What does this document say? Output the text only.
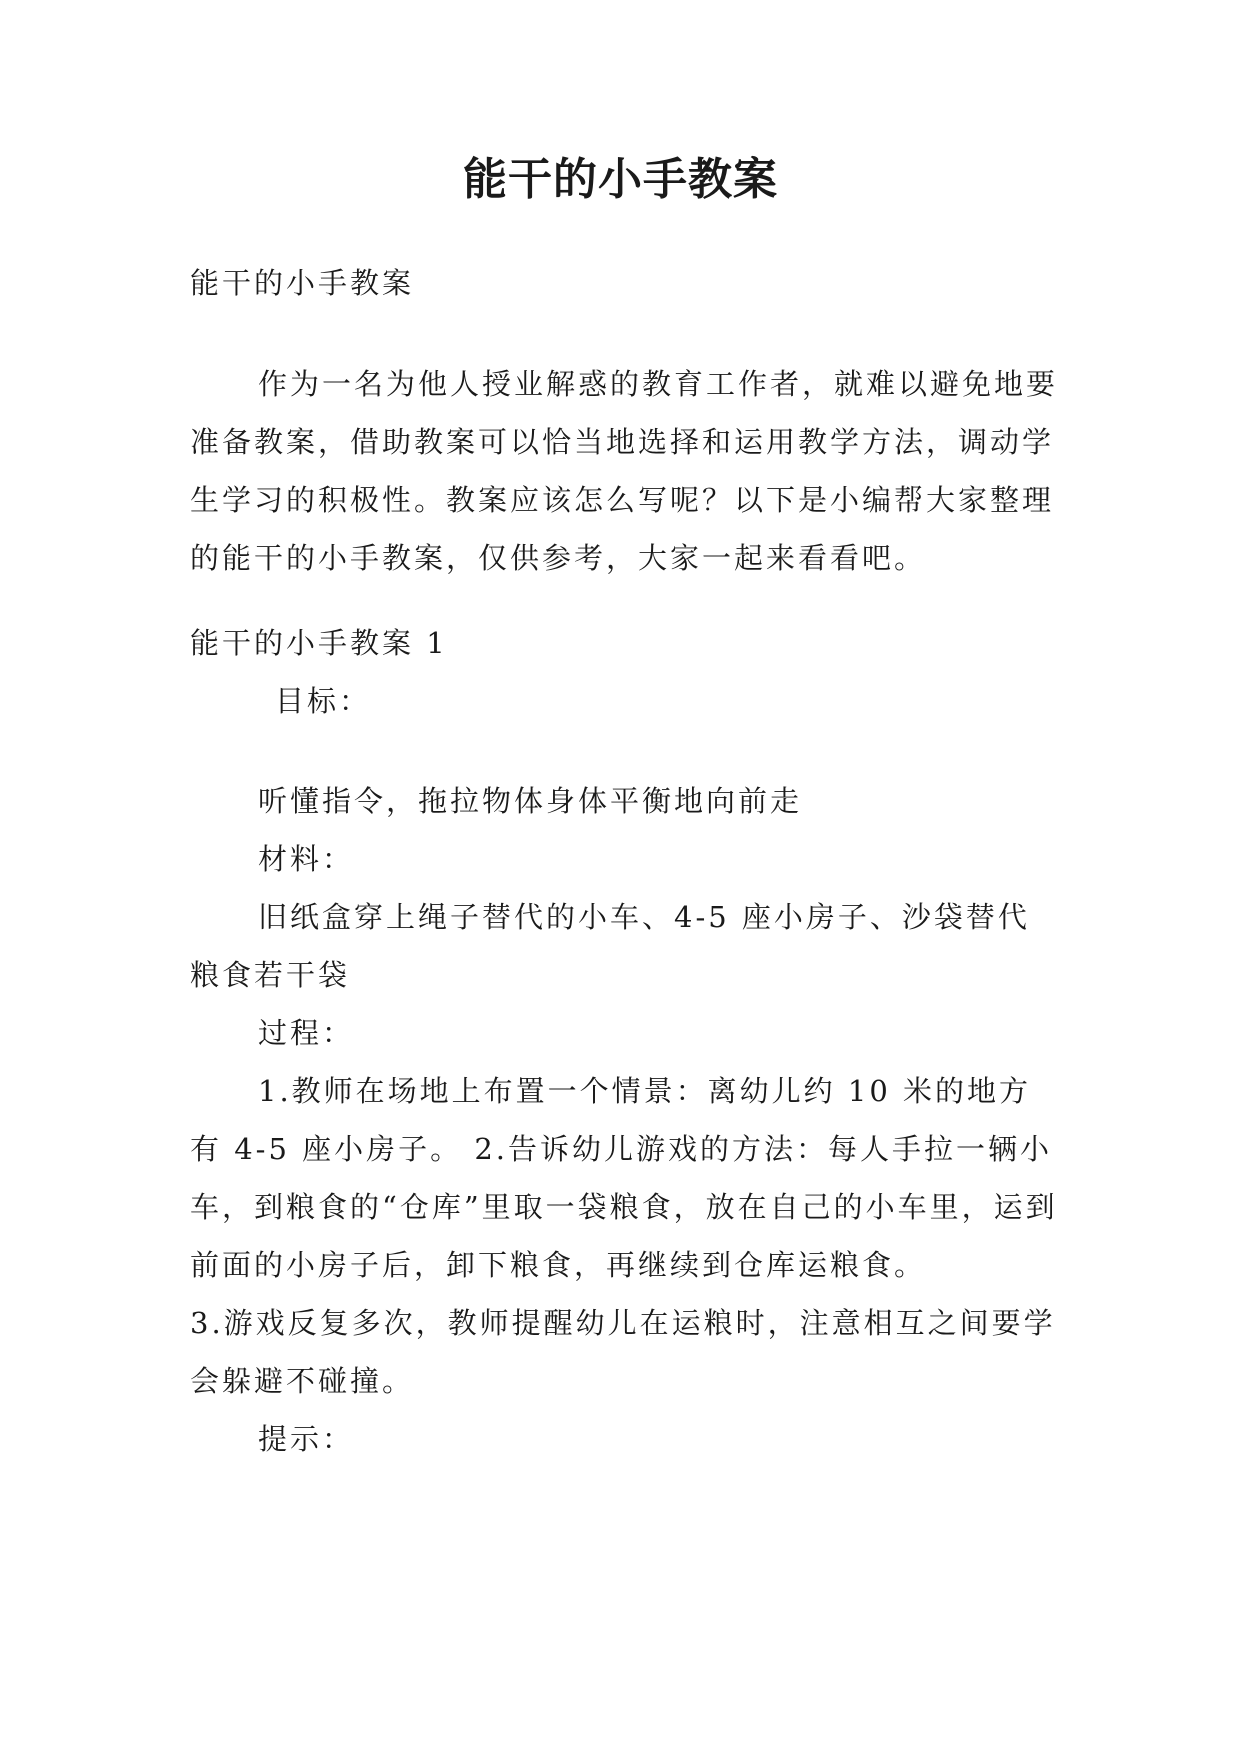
能干的小手教案

能干的小手教案

作为一名为他人授业解惑的教育工作者，就难以避免地要准备教案，借助教案可以恰当地选择和运用教学方法，调动学生学习的积极性。教案应该怎么写呢？以下是小编帮大家整理的能干的小手教案，仅供参考，大家一起来看看吧。

能干的小手教案 1

目标：

听懂指令，拖拉物体身体平衡地向前走

材料：

旧纸盒穿上绳子替代的小车、4-5 座小房子、沙袋替代粮食若干袋

过程：

1.教师在场地上布置一个情景：离幼儿约 10 米的地方有 4-5 座小房子。 2.告诉幼儿游戏的方法：每人手拉一辆小车，到粮食的“仓库”里取一袋粮食，放在自己的小车里，运到前面的小房子后，卸下粮食，再继续到仓库运粮食。

3.游戏反复多次，教师提醒幼儿在运粮时，注意相互之间要学会躲避不碰撞。

提示：
